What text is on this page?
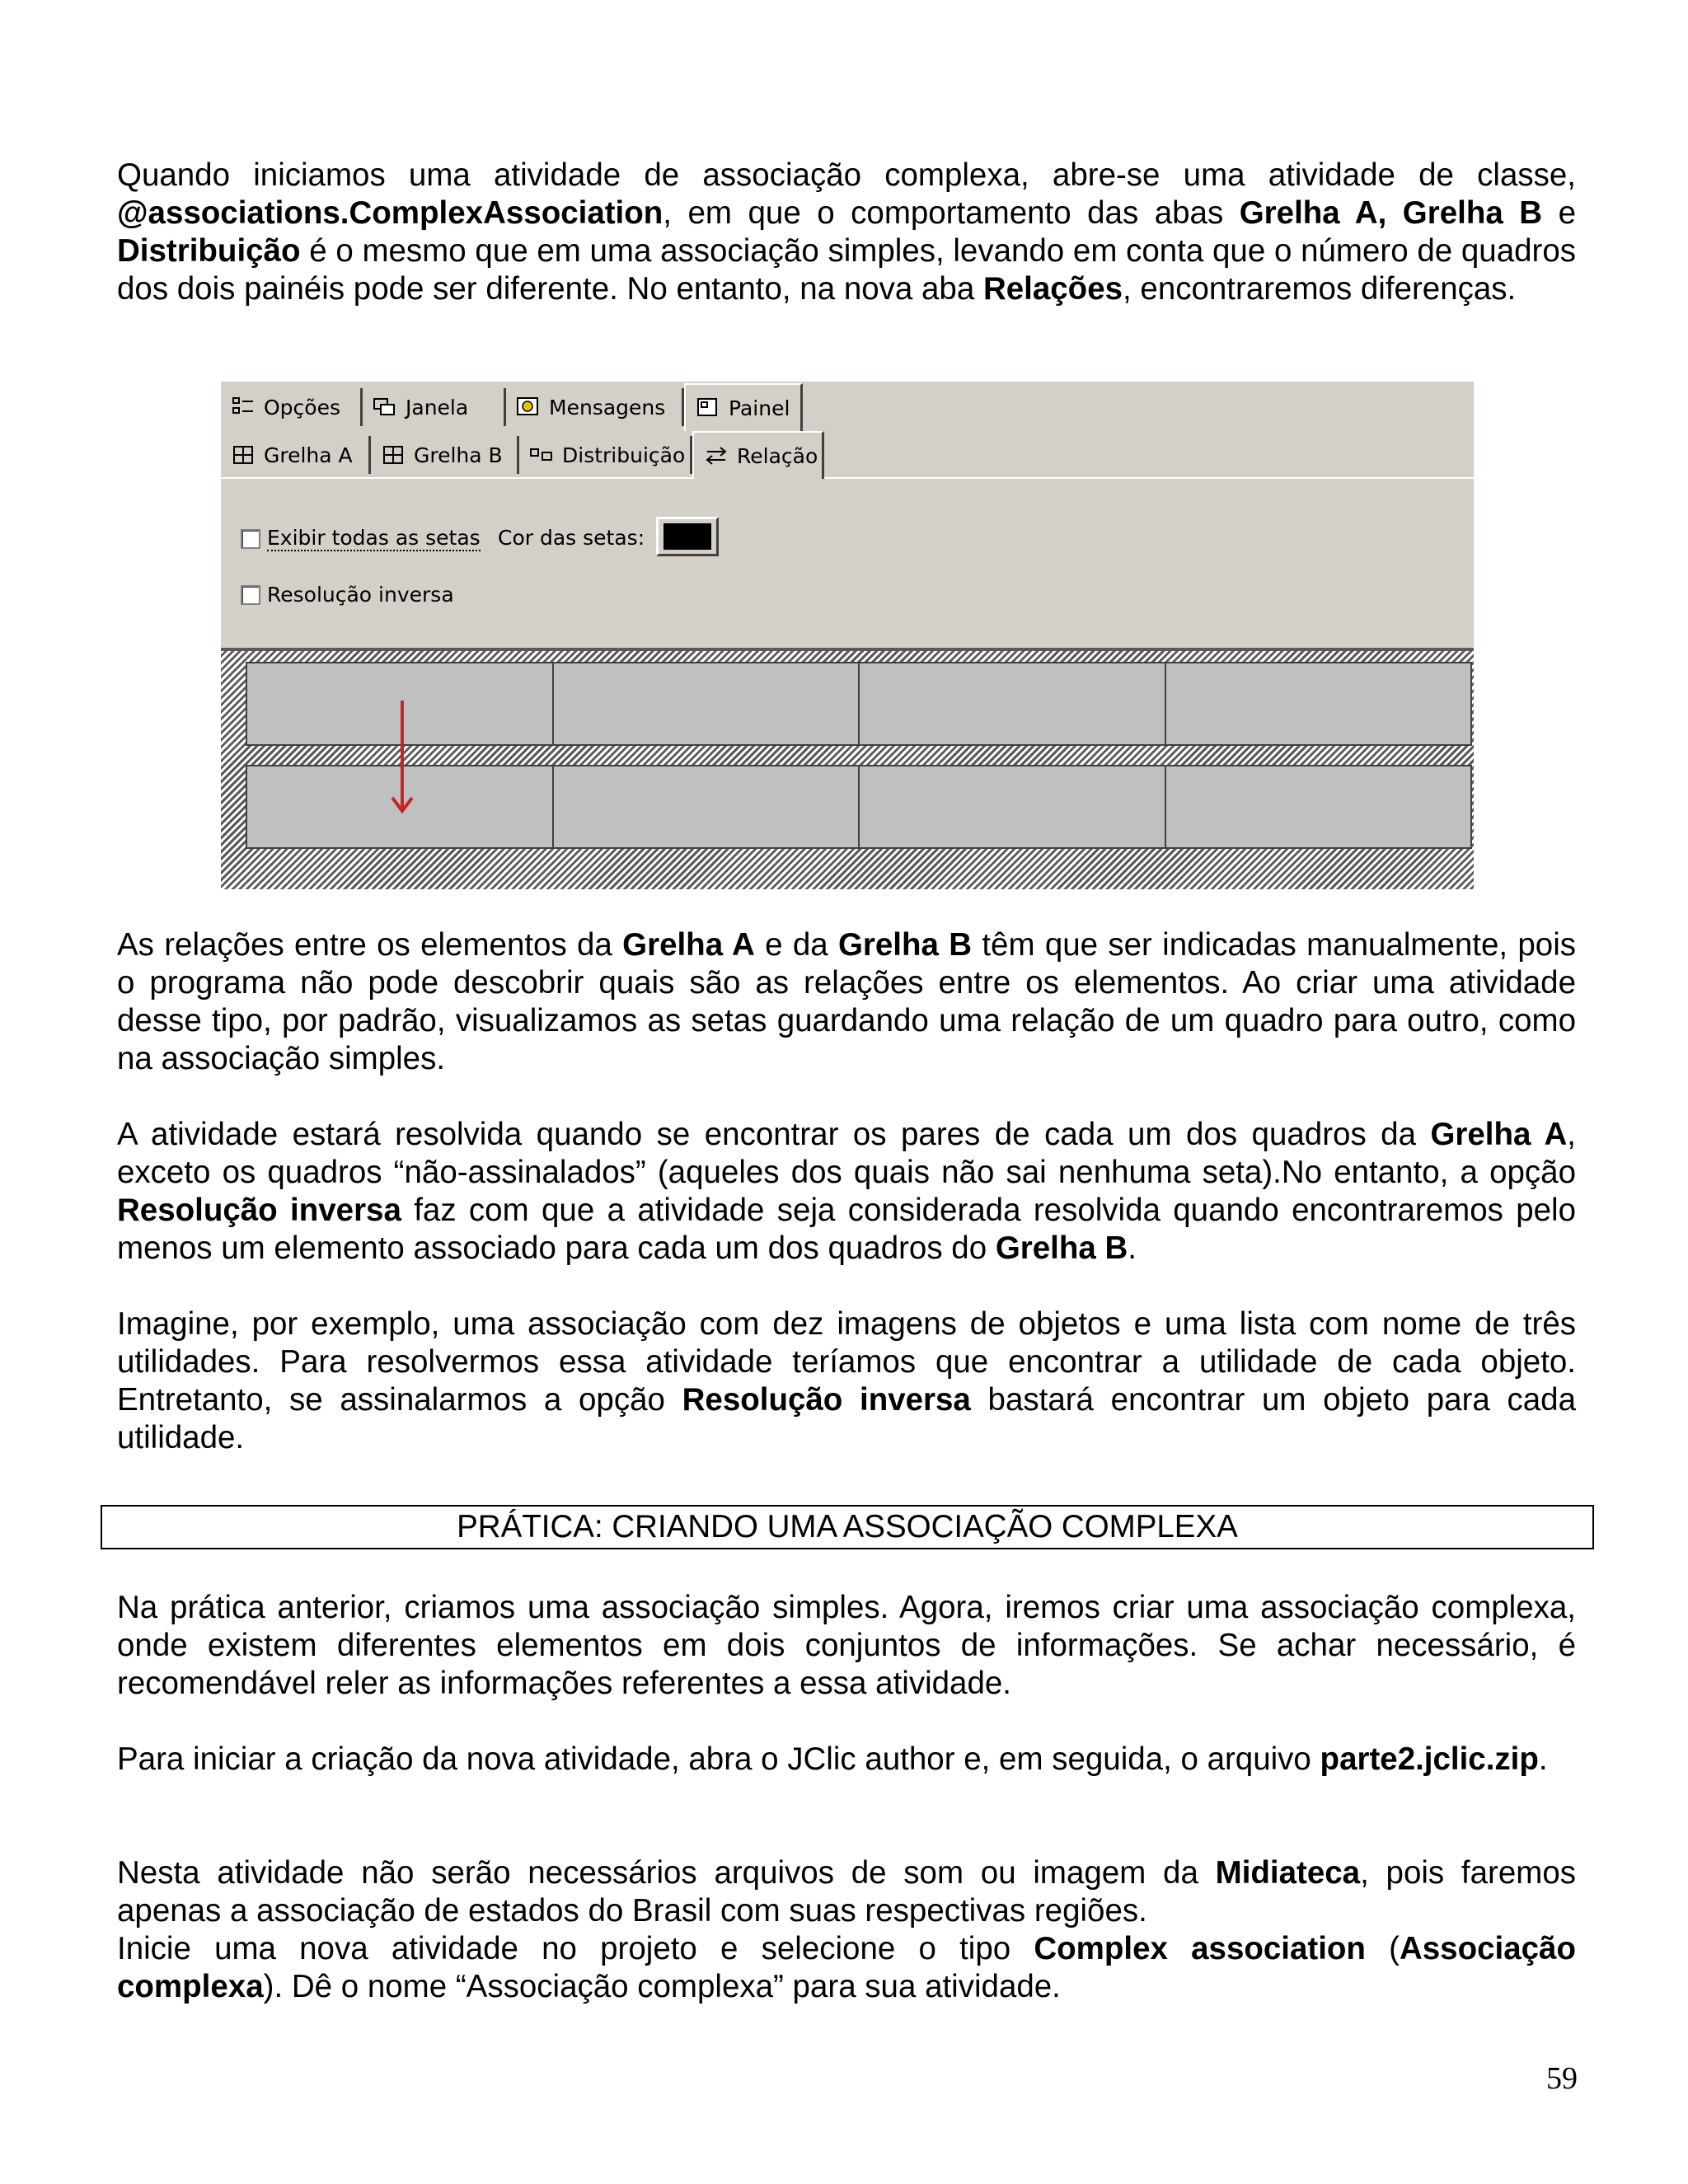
Quando iniciamos uma atividade de associação complexa, abre-se uma atividade de classe, @associations.ComplexAssociation, em que o comportamento das abas Grelha A, Grelha B e Distribuição é o mesmo que em uma associação simples, levando em conta que o número de quadros dos dois painéis pode ser diferente. No entanto, na nova aba Relações, encontraremos diferenças.

Opções	Janela	Mensagens	Painel
Grelha A	Grelha B	Distribuição	Relação
Exibir todas as setas Cor das setas:
Resolução inversa

As relações entre os elementos da Grelha A e da Grelha B têm que ser indicadas manualmente, pois o programa não pode descobrir quais são as relações entre os elementos. Ao criar uma atividade desse tipo, por padrão, visualizamos as setas guardando uma relação de um quadro para outro, como na associação simples.

A atividade estará resolvida quando se encontrar os pares de cada um dos quadros da Grelha A, exceto os quadros “não-assinalados” (aqueles dos quais não sai nenhuma seta).No entanto, a opção Resolução inversa faz com que a atividade seja considerada resolvida quando encontraremos pelo menos um elemento associado para cada um dos quadros do Grelha B.

Imagine, por exemplo, uma associação com dez imagens de objetos e uma lista com nome de três utilidades. Para resolvermos essa atividade teríamos que encontrar a utilidade de cada objeto. Entretanto, se assinalarmos a opção Resolução inversa bastará encontrar um objeto para cada utilidade.

PRÁTICA: CRIANDO UMA ASSOCIAÇÃO COMPLEXA

Na prática anterior, criamos uma associação simples. Agora, iremos criar uma associação complexa, onde existem diferentes elementos em dois conjuntos de informações. Se achar necessário, é recomendável reler as informações referentes a essa atividade.

Para iniciar a criação da nova atividade, abra o JClic author e, em seguida, o arquivo parte2.jclic.zip.

Nesta atividade não serão necessários arquivos de som ou imagem da Midiateca, pois faremos apenas a associação de estados do Brasil com suas respectivas regiões.
Inicie uma nova atividade no projeto e selecione o tipo Complex association (Associação complexa). Dê o nome “Associação complexa” para sua atividade.

59
